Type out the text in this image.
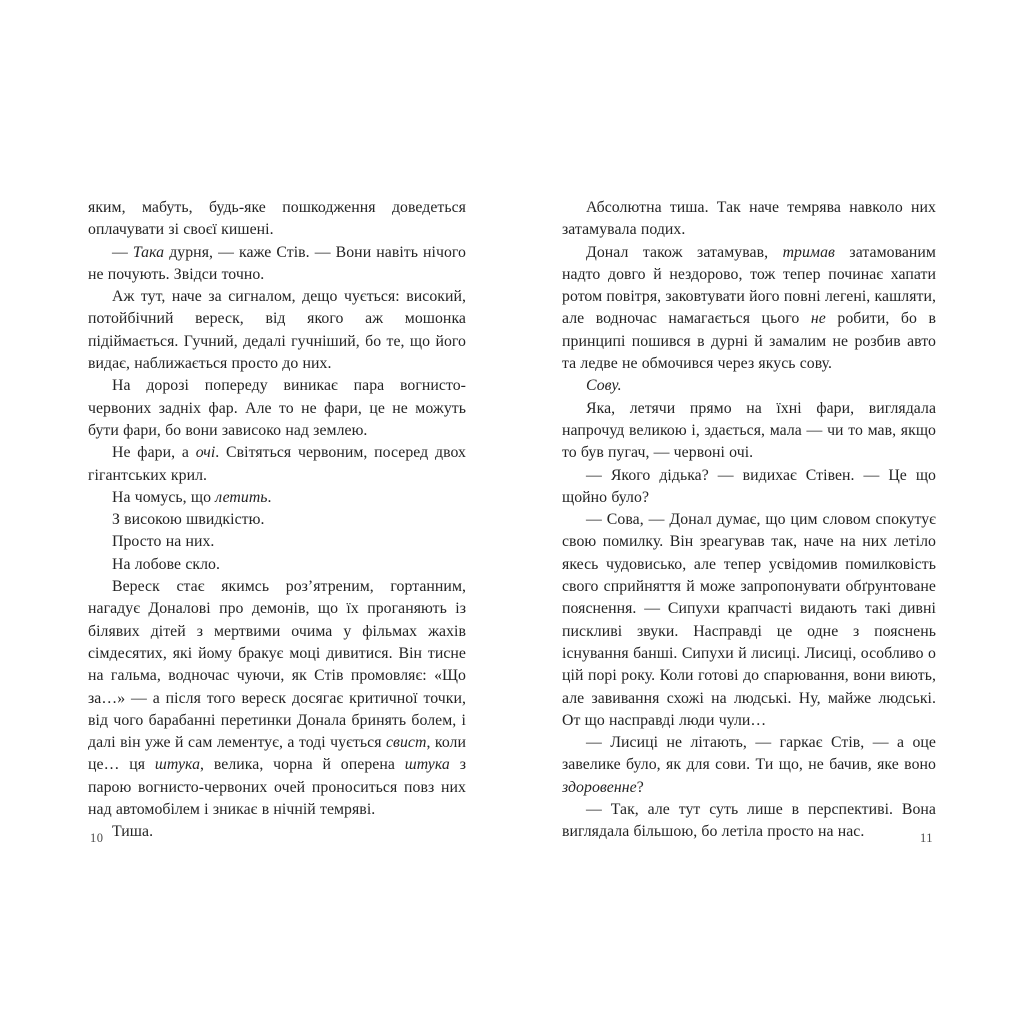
яким, мабуть, будь-яке пошкодження доведеться оплачувати зі своєї кишені.

— Така дурня, — каже Стів. — Вони навіть нічого не почують. Звідси точно.

Аж тут, наче за сигналом, дещо чується: високий, потойбічний вереск, від якого аж мошонка підіймається. Гучний, дедалі гучніший, бо те, що його видає, наближається просто до них.

На дорозі попереду виникає пара вогнисто-червоних задніх фар. Але то не фари, це не можуть бути фари, бо вони зависоко над землею.

Не фари, а очі. Світяться червоним, посеред двох гігантських крил.

На чомусь, що летить.

З високою швидкістю.

Просто на них.

На лобове скло.

Вереск стає якимсь роз’ятреним, гортанним, нагадує Доналові про демонів, що їх проганяють із білявих дітей з мертвими очима у фільмах жахів сімдесятих, які йому бракує моці дивитися. Він тисне на гальма, водночас чуючи, як Стів промовляє: «Що за…» — а після того вереск досягає критичної точки, від чого барабанні перетинки Донала бринять болем, і далі він уже й сам лементує, а тоді чується свист, коли це… ця штука, велика, чорна й оперена штука з парою вогнисто-червоних очей проноситься повз них над автомобілем і зникає в нічній темряві.

Тиша.

10

Абсолютна тиша. Так наче темрява навколо них затамувала подих.

Донал також затамував, тримав затамованим надто довго й нездорово, тож тепер починає хапати ротом повітря, заковтувати його повні легені, кашляти, але водночас намагається цього не робити, бо в принципі пошився в дурні й замалим не розбив авто та ледве не обмочився через якусь сову.

Сову.

Яка, летячи прямо на їхні фари, виглядала напрочуд великою і, здається, мала — чи то мав, якщо то був пугач, — червоні очі.

— Якого дідька? — видихає Стівен. — Це що щойно було?

— Сова, — Донал думає, що цим словом спокутує свою помилку. Він зреагував так, наче на них летіло якесь чудовисько, але тепер усвідомив помилковість свого сприйняття й може запропонувати обґрунтоване пояснення. — Сипухи крапчасті видають такі дивні пискливі звуки. Насправді це одне з пояснень існування банші. Сипухи й лисиці. Лисиці, особливо о цій порі року. Коли готові до спарювання, вони виють, але завивання схожі на людські. Ну, майже людські. От що насправді люди чули…

— Лисиці не літають, — гаркає Стів, — а оце завелике було, як для сови. Ти що, не бачив, яке воно здоровенне?

— Так, але тут суть лише в перспективі. Вона виглядала більшою, бо летіла просто на нас.	11
